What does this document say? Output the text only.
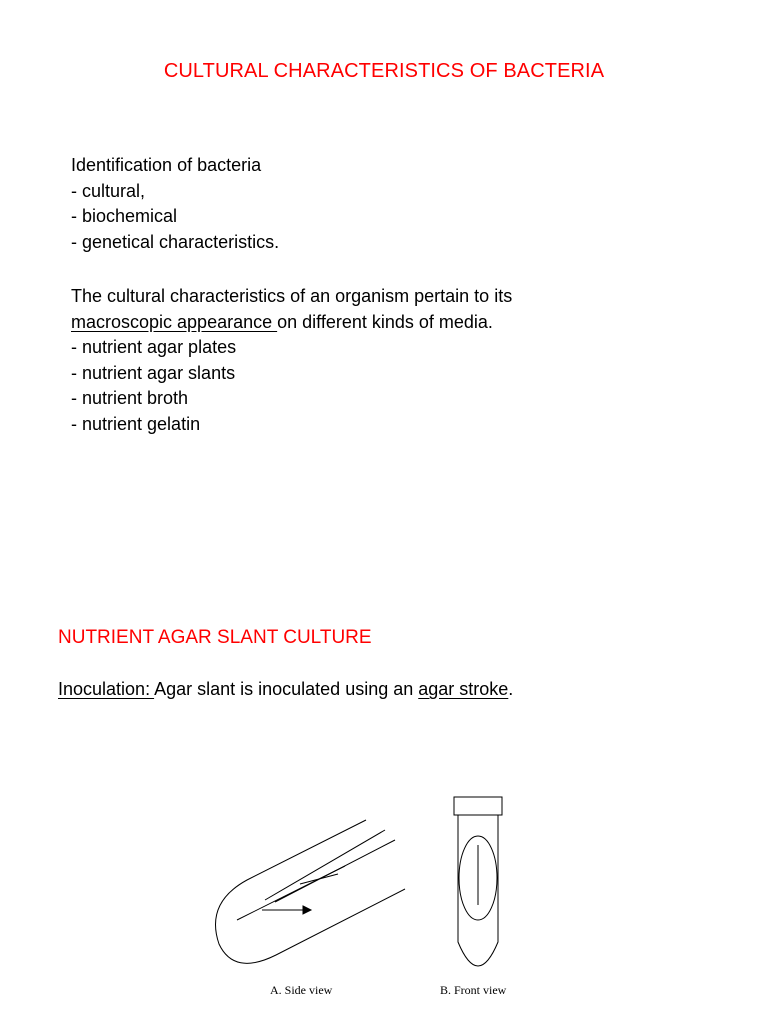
CULTURAL CHARACTERISTICS OF BACTERIA
Identification of bacteria
- cultural,
- biochemical
- genetical characteristics.
The cultural characteristics of an organism pertain to its
macroscopic appearance on different kinds of media.
- nutrient agar plates
- nutrient agar slants
- nutrient broth
- nutrient gelatin
NUTRIENT AGAR SLANT CULTURE
Inoculation: Agar slant is inoculated using an agar stroke.
A. Side view	B. Front view
